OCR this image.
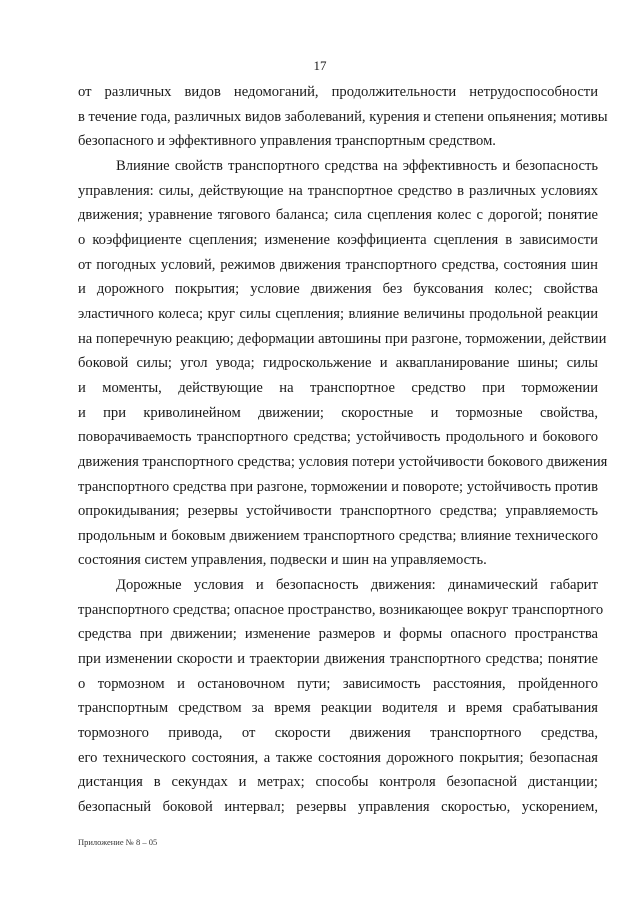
17

от различных видов недомоганий, продолжительности нетрудоспособности
в течение года, различных видов заболеваний, курения и степени опьянения; мотивы
безопасного и эффективного управления транспортным средством.

Влияние свойств транспортного средства на эффективность и безопасность
управления: силы, действующие на транспортное средство в различных условиях
движения; уравнение тягового баланса; сила сцепления колес с дорогой; понятие
о коэффициенте сцепления; изменение коэффициента сцепления в зависимости
от погодных условий, режимов движения транспортного средства, состояния шин
и дорожного покрытия; условие движения без буксования колес; свойства
эластичного колеса; круг силы сцепления; влияние величины продольной реакции
на поперечную реакцию; деформации автошины при разгоне, торможении, действии
боковой силы; угол увода; гидроскольжение и аквапланирование шины; силы
и моменты, действующие на транспортное средство при торможении
и при криволинейном движении; скоростные и тормозные свойства,
поворачиваемость транспортного средства; устойчивость продольного и бокового
движения транспортного средства; условия потери устойчивости бокового движения
транспортного средства при разгоне, торможении и повороте; устойчивость против
опрокидывания; резервы устойчивости транспортного средства; управляемость
продольным и боковым движением транспортного средства; влияние технического
состояния систем управления, подвески и шин на управляемость.

Дорожные условия и безопасность движения: динамический габарит
транспортного средства; опасное пространство, возникающее вокруг транспортного
средства при движении; изменение размеров и формы опасного пространства
при изменении скорости и траектории движения транспортного средства; понятие
о тормозном и остановочном пути; зависимость расстояния, пройденного
транспортным средством за время реакции водителя и время срабатывания
тормозного привода, от скорости движения транспортного средства,
его технического состояния, а также состояния дорожного покрытия; безопасная
дистанция в секундах и метрах; способы контроля безопасной дистанции;
безопасный боковой интервал; резервы управления скоростью, ускорением,

Приложение № 8 – 05
